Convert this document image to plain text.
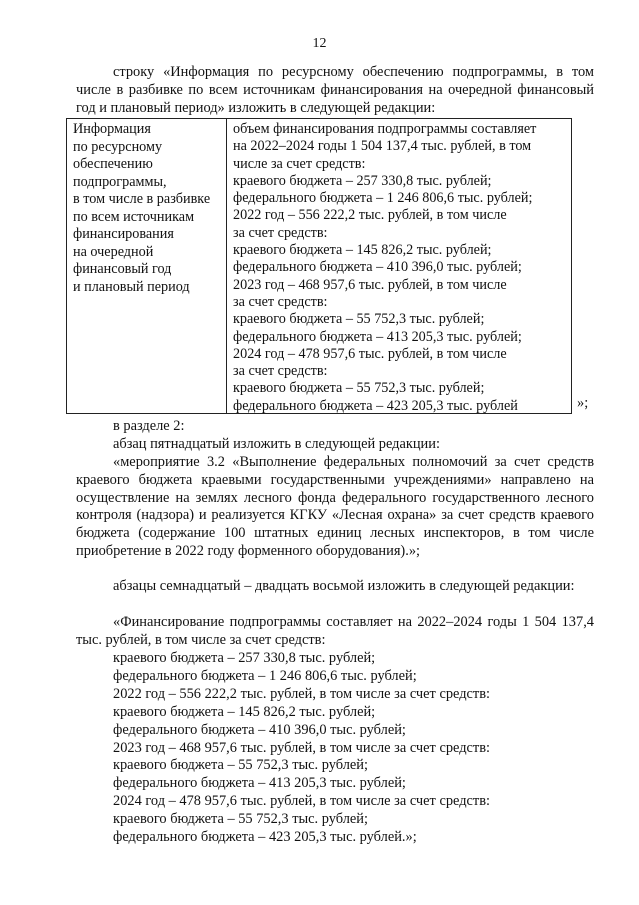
12

строку «Информация по ресурсному обеспечению подпрограммы, в том числе в разбивке по всем источникам финансирования на очередной финансовый год и плановый период» изложить в следующей редакции:

Информация
по ресурсному
обеспечению
подпрограммы,
в том числе в разбивке
по всем источникам
финансирования
на очередной
финансовый год
и плановый период
объем финансирования подпрограммы составляет
на 2022–2024 годы 1 504 137,4 тыс. рублей, в том
числе за счет средств:
краевого бюджета – 257 330,8 тыс. рублей;
федерального бюджета – 1 246 806,6 тыс. рублей;
2022 год – 556 222,2 тыс. рублей, в том числе
за счет средств:
краевого бюджета – 145 826,2 тыс. рублей;
федерального бюджета – 410 396,0 тыс. рублей;
2023 год – 468 957,6 тыс. рублей, в том числе
за счет средств:
краевого бюджета – 55 752,3 тыс. рублей;
федерального бюджета – 413 205,3 тыс. рублей;
2024 год – 478 957,6 тыс. рублей, в том числе
за счет средств:
краевого бюджета – 55 752,3 тыс. рублей;
федерального бюджета – 423 205,3 тыс. рублей	»;
в разделе 2:
абзац пятнадцатый изложить в следующей редакции:

«мероприятие 3.2 «Выполнение федеральных полномочий за счет средств краевого бюджета краевыми государственными учреждениями» направлено на осуществление на землях лесного фонда федерального государственного лесного контроля (надзора) и реализуется КГКУ «Лесная охрана» за счет средств краевого бюджета (содержание 100 штатных единиц лесных инспекторов, в том числе приобретение в 2022 году форменного оборудования).»;

абзацы семнадцатый – двадцать восьмой изложить в следующей редакции:

«Финансирование подпрограммы составляет на 2022–2024 годы 1 504 137,4 тыс. рублей, в том числе за счет средств:

краевого бюджета – 257 330,8 тыс. рублей;
федерального бюджета – 1 246 806,6 тыс. рублей;
2022 год – 556 222,2 тыс. рублей, в том числе за счет средств:
краевого бюджета – 145 826,2 тыс. рублей;
федерального бюджета – 410 396,0 тыс. рублей;
2023 год – 468 957,6 тыс. рублей, в том числе за счет средств:
краевого бюджета – 55 752,3 тыс. рублей;
федерального бюджета – 413 205,3 тыс. рублей;
2024 год – 478 957,6 тыс. рублей, в том числе за счет средств:
краевого бюджета – 55 752,3 тыс. рублей;
федерального бюджета – 423 205,3 тыс. рублей.»;
